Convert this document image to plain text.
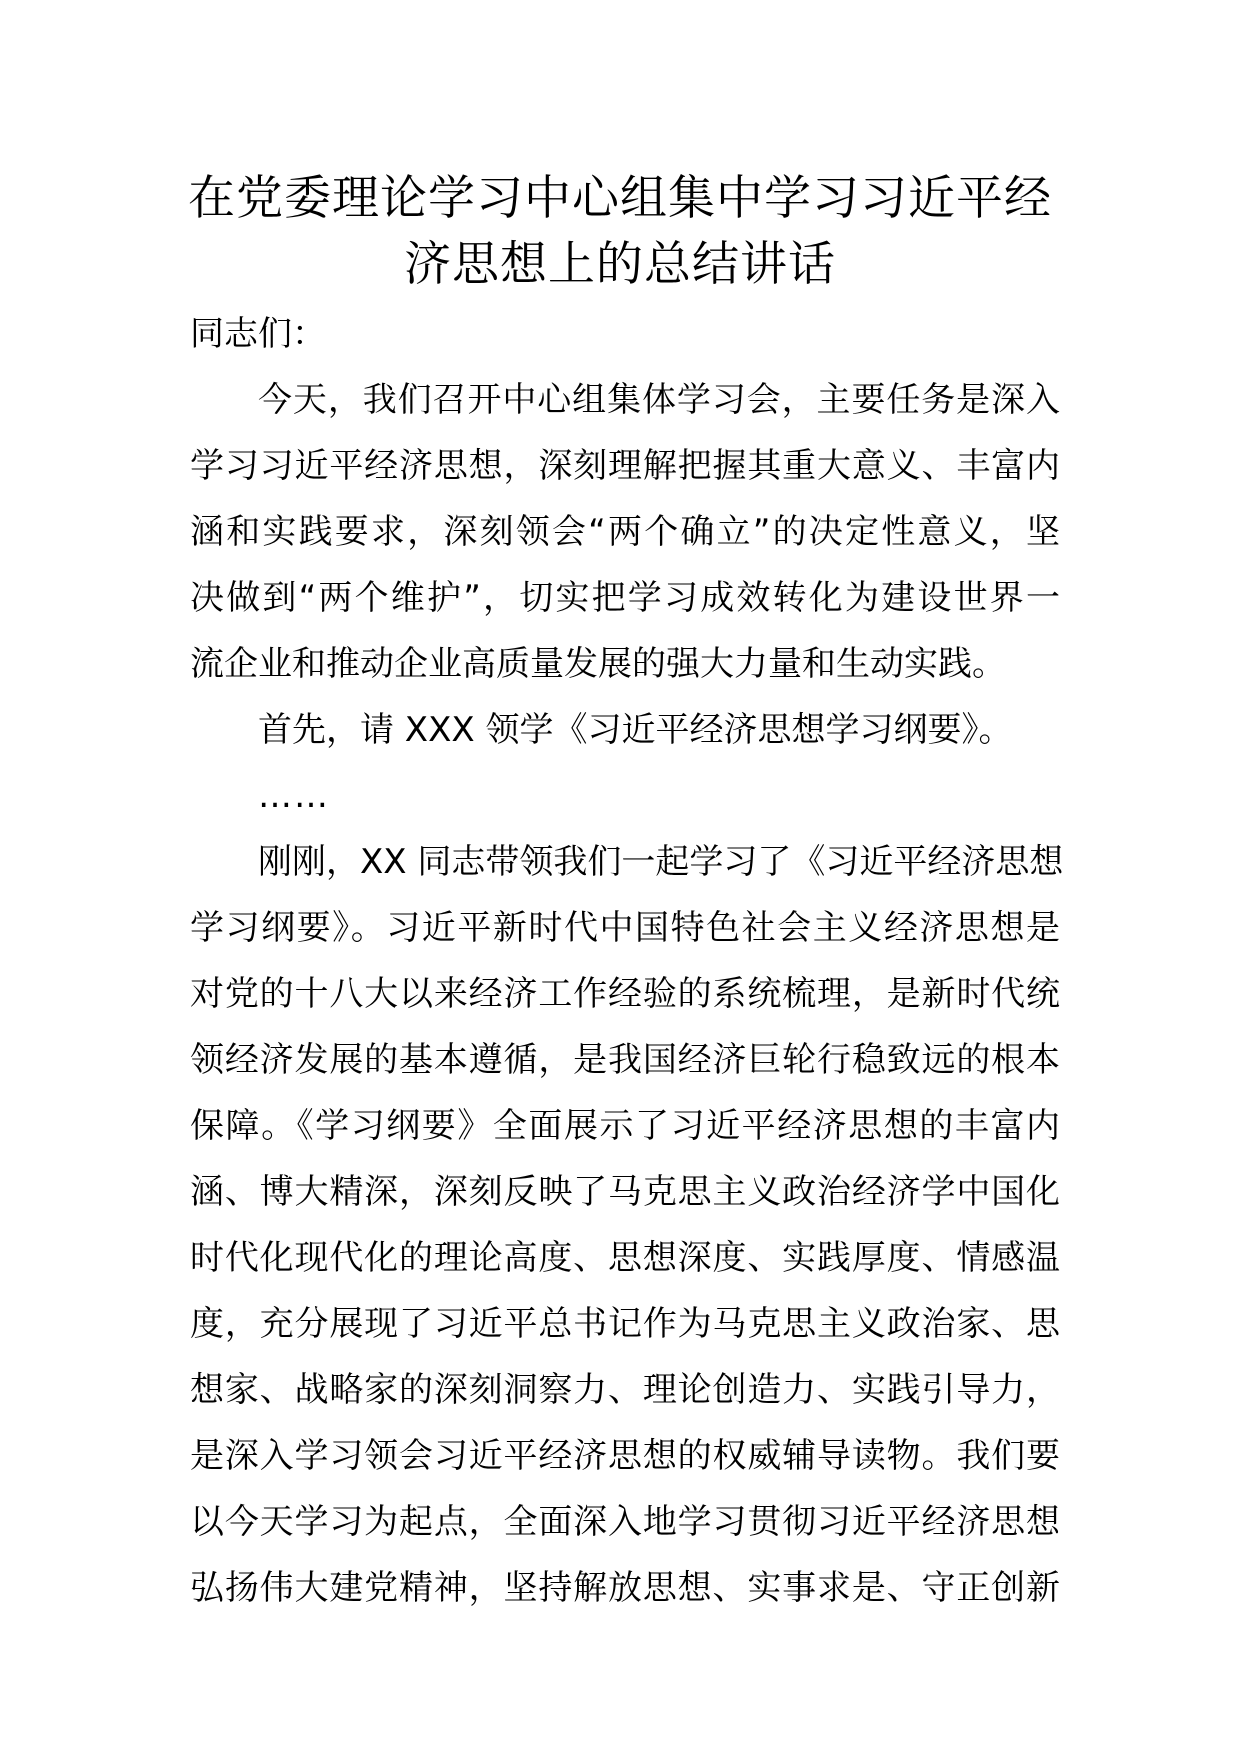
在党委理论学习中心组集中学习习近平经
济思想上的总结讲话
同志们：
今天，我们召开中心组集体学习会，主要任务是深入
学习习近平经济思想，深刻理解把握其重大意义、丰富内
涵和实践要求，深刻领会“两个确立”的决定性意义，坚
决做到“两个维护”，切实把学习成效转化为建设世界一
流企业和推动企业高质量发展的强大力量和生动实践。
首先，请 XXX 领学《习近平经济思想学习纲要》。
……
刚刚，XX 同志带领我们一起学习了《习近平经济思想
学习纲要》。习近平新时代中国特色社会主义经济思想是
对党的十八大以来经济工作经验的系统梳理，是新时代统
领经济发展的基本遵循，是我国经济巨轮行稳致远的根本
保障。《学习纲要》全面展示了习近平经济思想的丰富内
涵、博大精深，深刻反映了马克思主义政治经济学中国化
时代化现代化的理论高度、思想深度、实践厚度、情感温
度，充分展现了习近平总书记作为马克思主义政治家、思
想家、战略家的深刻洞察力、理论创造力、实践引导力，
是深入学习领会习近平经济思想的权威辅导读物。我们要
以今天学习为起点，全面深入地学习贯彻习近平经济思想
弘扬伟大建党精神，坚持解放思想、实事求是、守正创新
